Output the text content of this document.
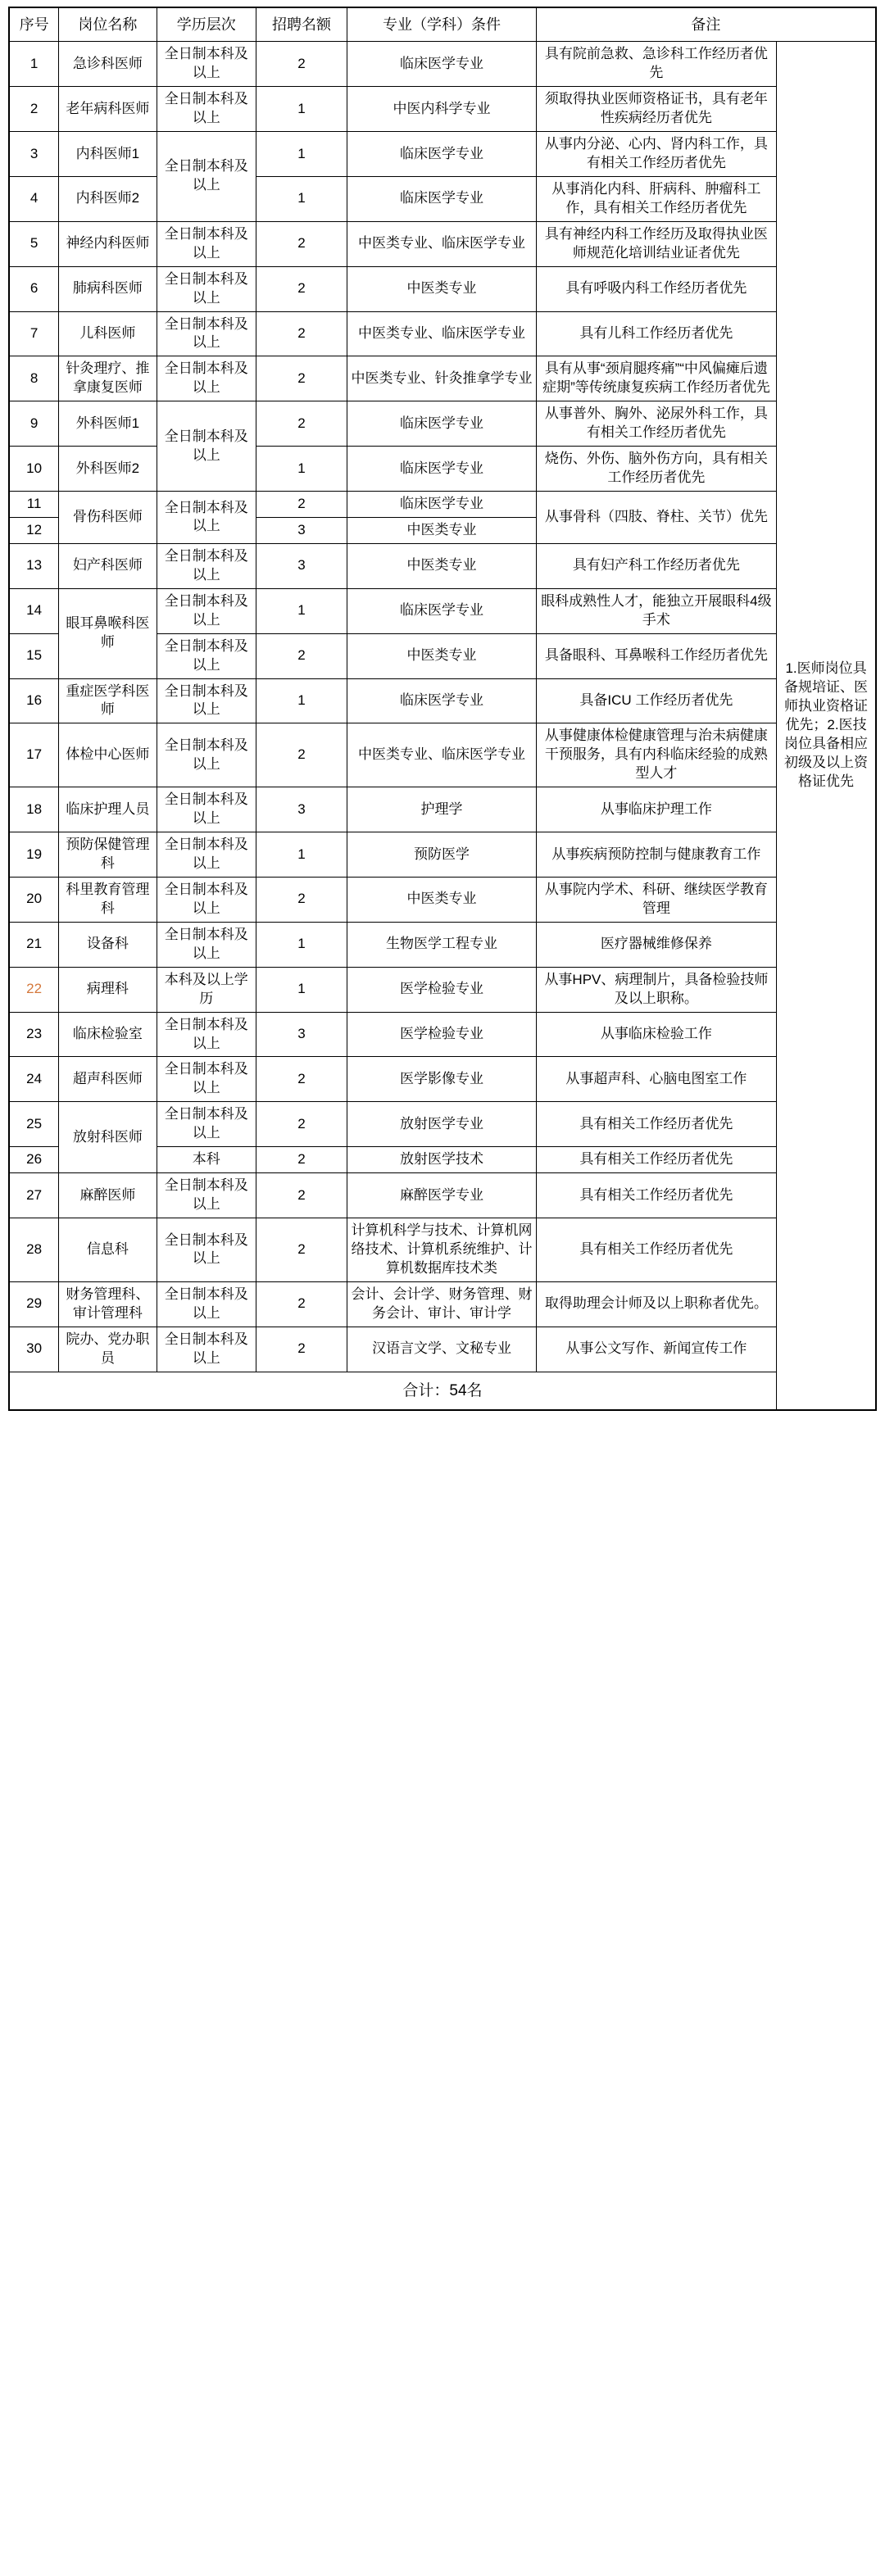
序号	岗位名称	学历层次	招聘名额	专业（学科）条件	备注	
1	急诊科医师	全日制本科及以上	2	临床医学专业	具有院前急救、急诊科工作经历者优先	1.医师岗位具备规培证、医师执业资格证优先；2.医技岗位具备相应初级及以上资格证优先
2	老年病科医师	全日制本科及以上	1	中医内科学专业	须取得执业医师资格证书，具有老年性疾病经历者优先	
3	内科医师1	全日制本科及以上	1	临床医学专业	从事内分泌、心内、肾内科工作，具有相关工作经历者优先	
4	内科医师2		1	临床医学专业	从事消化内科、肝病科、肿瘤科工作，具有相关工作经历者优先	
5	神经内科医师	全日制本科及以上	2	中医类专业、临床医学专业	具有神经内科工作经历及取得执业医师规范化培训结业证者优先	
6	肺病科医师	全日制本科及以上	2	中医类专业	具有呼吸内科工作经历者优先	
7	儿科医师	全日制本科及以上	2	中医类专业、临床医学专业	具有儿科工作经历者优先	
8	针灸理疗、推拿康复医师	全日制本科及以上	2	中医类专业、针灸推拿学专业	具有从事“颈肩腿疼痛”“中风偏瘫后遗症期”等传统康复疾病工作经历者优先	
9	外科医师1	全日制本科及以上	2	临床医学专业	从事普外、胸外、泌尿外科工作，具有相关工作经历者优先	
10	外科医师2		1	临床医学专业	烧伤、外伤、脑外伤方向，具有相关工作经历者优先	
11	骨伤科医师	全日制本科及以上	2	临床医学专业	从事骨科（四肢、脊柱、关节）优先	
12			3	中医类专业		
13	妇产科医师	全日制本科及以上	3	中医类专业	具有妇产科工作经历者优先	
14	眼耳鼻喉科医师	全日制本科及以上	1	临床医学专业	眼科成熟性人才，能独立开展眼科4级手术	
15		全日制本科及以上	2	中医类专业	具备眼科、耳鼻喉科工作经历者优先	
16	重症医学科医师	全日制本科及以上	1	临床医学专业	具备ICU 工作经历者优先	
17	体检中心医师	全日制本科及以上	2	中医类专业、临床医学专业	从事健康体检健康管理与治未病健康干预服务，具有内科临床经验的成熟型人才	
18	临床护理人员	全日制本科及以上	3	护理学	从事临床护理工作	
19	预防保健管理科	全日制本科及以上	1	预防医学	从事疾病预防控制与健康教育工作	
20	科里教育管理科	全日制本科及以上	2	中医类专业	从事院内学术、科研、继续医学教育管理	
21	设备科	全日制本科及以上	1	生物医学工程专业	医疗器械维修保养	
22	病理科	本科及以上学历	1	医学检验专业	从事HPV、病理制片，具备检验技师及以上职称。	
23	临床检验室	全日制本科及以上	3	医学检验专业	从事临床检验工作	
24	超声科医师	全日制本科及以上	2	医学影像专业	从事超声科、心脑电图室工作	
25	放射科医师	全日制本科及以上	2	放射医学专业	具有相关工作经历者优先	
26		本科	2	放射医学技术	具有相关工作经历者优先	
27	麻醉医师	全日制本科及以上	2	麻醉医学专业	具有相关工作经历者优先	
28	信息科	全日制本科及以上	2	计算机科学与技术、计算机网络技术、计算机系统维护、计算机数据库技术类	具有相关工作经历者优先	
29	财务管理科、审计管理科	全日制本科及以上	2	会计、会计学、财务管理、财务会计、审计、审计学	取得助理会计师及以上职称者优先。	
30	院办、党办职员	全日制本科及以上	2	汉语言文学、文秘专业	从事公文写作、新闻宣传工作	
合计：54名						
